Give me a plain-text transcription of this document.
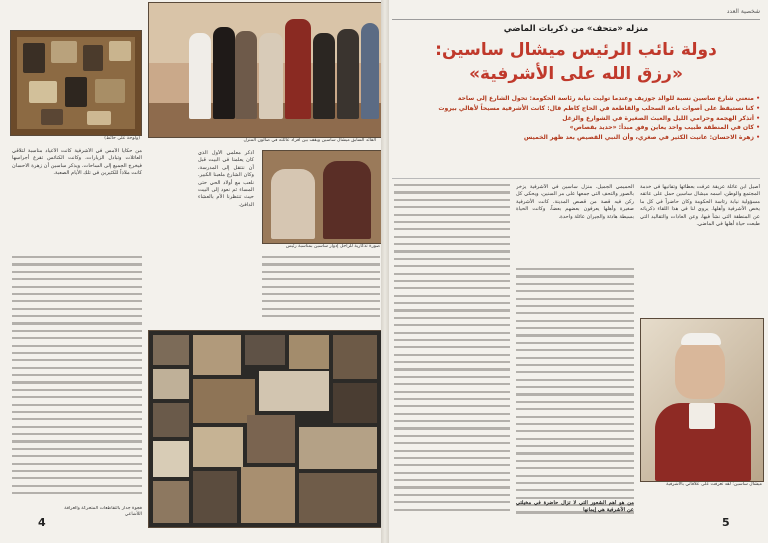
(ولوحة على حائط)	القائد السابق ميشال ساسين ويقف بين أفراد عائلته في صالون المنزل
أذكر معلمي الأول الذي كان يعلمنا في البيت قبل أن ننتقل إلى المدرسة، وكان الشارع ملعبنا الكبير. نلعب مع أولاد الحي حتى المساء ثم نعود إلى البيت حيث تنتظرنا الأم بالعشاء الدافئ.
صورة تذكارية للراحل إدوار ساسين بمناسبة رئيس
من حكايا الأمس في الأشرفية كانت الأعياد مناسبة لتلاقي العائلات وتبادل الزيارات، وكانت الكنائس تقرع أجراسها فيخرج الجميع إلى الساحات. ويذكر ساسين أن زهرة الاحسان كانت ملاذاً للكثيرين في تلك الأيام الصعبة.
فجوة جدار بالتقاطعات المتحركة والعراقة اللأشاعي
4
شخصية العدد
منزله «متحف» من ذكريات الماضي
دولة نائب الرئيس ميشال ساسين:
«رزق الله على الأشرفية»
• منعني شارع ساسين نسبة للوالد جوزيف وعندما توليت نيابة رئاسة الحكومة: تحول الشارع إلى ساحة
• كنا نستيقظ على أصوات باعة السحلب والقاطعة في الحاج كاظم قال: كانت الأشرفية مسيحاً لأهالي بيروت
• أتذكر الهجمة وحرامي الليل والعبث الصغيرة في الشوارع والزغل
• كان في المنطقة طبيب واحد يعاين وفق مبدأ: «حديد بقصاص»
• زهرة الاحسان: عانيت الكثير في صغري، وأن النبي القصيص بعد ظهر الخميس
أصيل ابن عائلة عريقة عرفت بعطائها وتفانيها في خدمة المجتمع والوطن، اسمه ميشال ساسين حمل على عاتقه مسؤولية نيابة رئاسة الحكومة وكان حاضراً في كل ما يخص الأشرفية وأهلها. يروي لنا في هذا اللقاء ذكرياته عن المنطقة التي نشأ فيها، وعن العادات والتقاليد التي طبعت حياة أهلها في الماضي.
الحميمي الجميل. منزل ساسين في الأشرفية يزخر بالصور والتحف التي جمعها على مر السنين، ويحكي كل ركن فيه قصة من قصص المدينة. كانت الأشرفية صغيرة وأهلها يعرفون بعضهم بعضاً، وكانت الحياة بسيطة هادئة والجيران عائلة واحدة.
ميشال ساسين: لقد تعرفت على علاقاتي بالأشرفية
من هو أهم الشعور التي لا تزال حاضرة في مخيلتي عن الأشرفية هي إيمانها
5
